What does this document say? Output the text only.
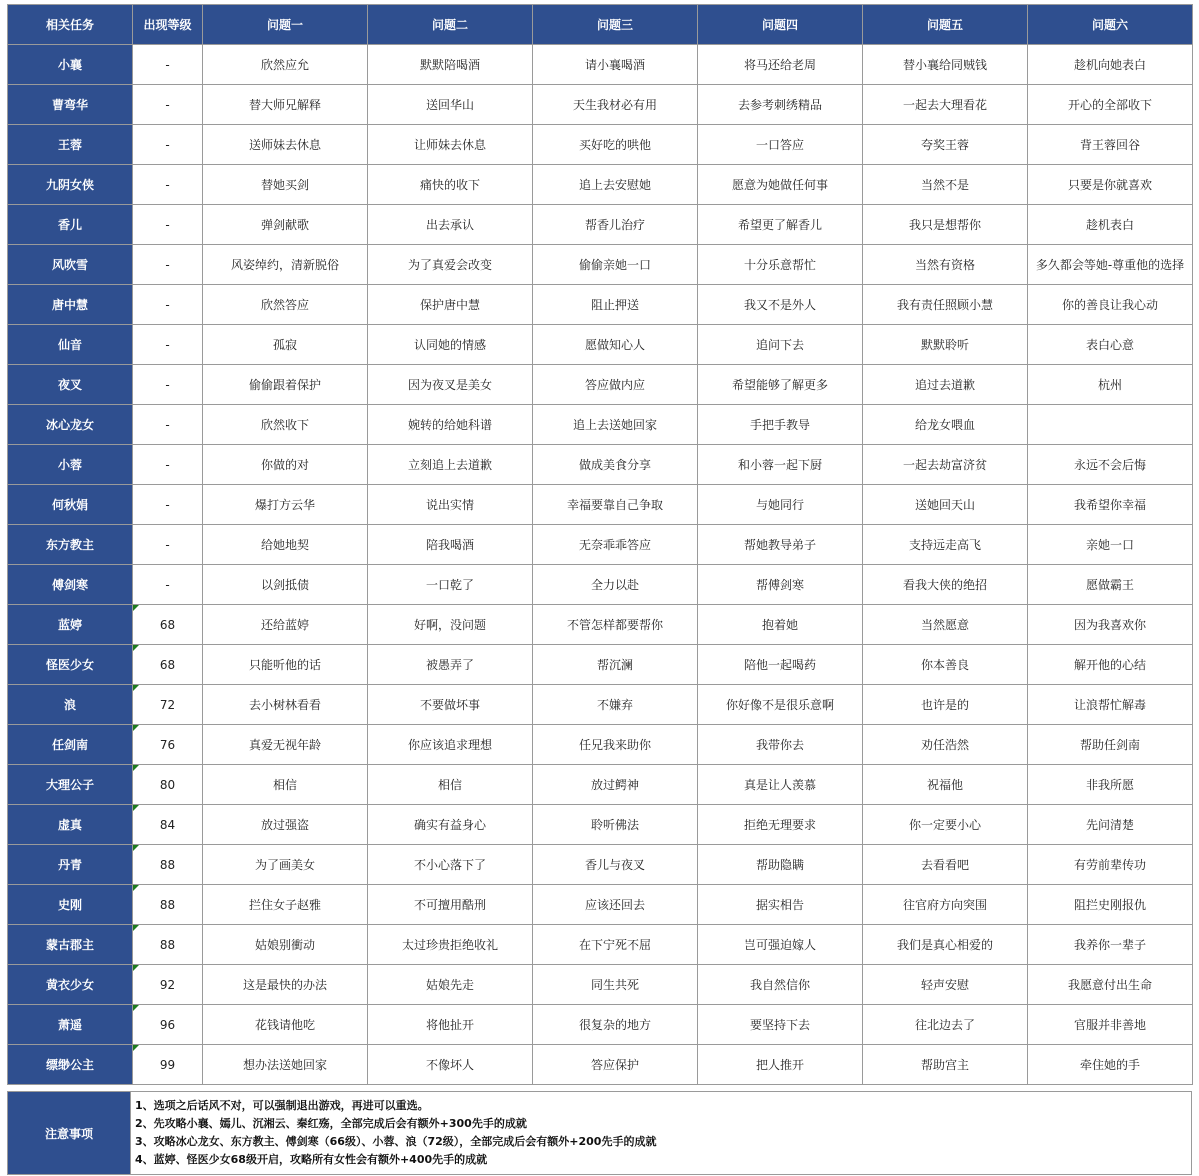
相关任务	出现等级	问题一	问题二	问题三	问题四	问题五	问题六
小襄	-	欣然应允	默默陪喝酒	请小襄喝酒	将马还给老周	替小襄给同贼钱	趁机向她表白
曹弯华	-	替大师兄解释	送回华山	天生我材必有用	去参考刺绣精品	一起去大理看花	开心的全部收下
王蓉	-	送师妹去休息	让师妹去休息	买好吃的哄他	一口答应	夸奖王蓉	背王蓉回谷
九阴女侠	-	替她买剑	痛快的收下	追上去安慰她	愿意为她做任何事	当然不是	只要是你就喜欢
香儿	-	弹剑献歌	出去承认	帮香儿治疗	希望更了解香儿	我只是想帮你	趁机表白
风吹雪	-	风姿绰约，清新脱俗	为了真爱会改变	偷偷亲她一口	十分乐意帮忙	当然有资格	多久都会等她-尊重他的选择
唐中慧	-	欣然答应	保护唐中慧	阻止押送	我又不是外人	我有责任照顾小慧	你的善良让我心动
仙音	-	孤寂	认同她的情感	愿做知心人	追问下去	默默聆听	表白心意
夜叉	-	偷偷跟着保护	因为夜叉是美女	答应做内应	希望能够了解更多	追过去道歉	杭州
冰心龙女	-	欣然收下	婉转的给她科谱	追上去送她回家	手把手教导	给龙女喂血	
小蓉	-	你做的对	立刻追上去道歉	做成美食分享	和小蓉一起下厨	一起去劫富济贫	永远不会后悔
何秋娟	-	爆打方云华	说出实情	幸福要靠自己争取	与她同行	送她回天山	我希望你幸福
东方教主	-	给她地契	陪我喝酒	无奈乖乖答应	帮她教导弟子	支持远走高飞	亲她一口
傅剑寒	-	以剑抵债	一口乾了	全力以赴	帮傅剑寒	看我大侠的绝招	愿做霸王
蓝婷	68	还给蓝婷	好啊，没问题	不管怎样都要帮你	抱着她	当然愿意	因为我喜欢你
怪医少女	68	只能听他的话	被愚弄了	帮沉澜	陪他一起喝药	你本善良	解开他的心结
浪	72	去小树林看看	不要做坏事	不嫌弃	你好像不是很乐意啊	也许是的	让浪帮忙解毒
任剑南	76	真爱无视年龄	你应该追求理想	任兄我来助你	我带你去	劝任浩然	帮助任剑南
大理公子	80	相信	相信	放过鳄神	真是让人羡慕	祝福他	非我所愿
虚真	84	放过强盗	确实有益身心	聆听佛法	拒绝无理要求	你一定要小心	先问清楚
丹青	88	为了画美女	不小心落下了	香儿与夜叉	帮助隐瞒	去看看吧	有劳前辈传功
史刚	88	拦住女子赵雅	不可擅用酷刑	应该还回去	据实相告	往官府方向突围	阻拦史刚报仇
蒙古郡主	88	姑娘别衝动	太过珍贵拒绝收礼	在下宁死不屈	岂可强迫嫁人	我们是真心相爱的	我养你一辈子
黄衣少女	92	这是最快的办法	姑娘先走	同生共死	我自然信你	轻声安慰	我愿意付出生命
萧遥	96	花钱请他吃	将他扯开	很复杂的地方	要坚持下去	往北边去了	官服并非善地
缥缈公主	99	想办法送她回家	不像坏人	答应保护	把人推开	帮助宫主	牵住她的手
注意事项	
1、选项之后话风不对，可以强制退出游戏，再进可以重选。
2、先攻略小襄、嫣儿、沉湘云、秦红殇，全部完成后会有额外+300先手的成就
3、攻略冰心龙女、东方教主、傅剑寒（66级）、小蓉、浪（72级），全部完成后会有额外+200先手的成就
4、蓝婷、怪医少女68级开启，攻略所有女性会有额外+400先手的成就
